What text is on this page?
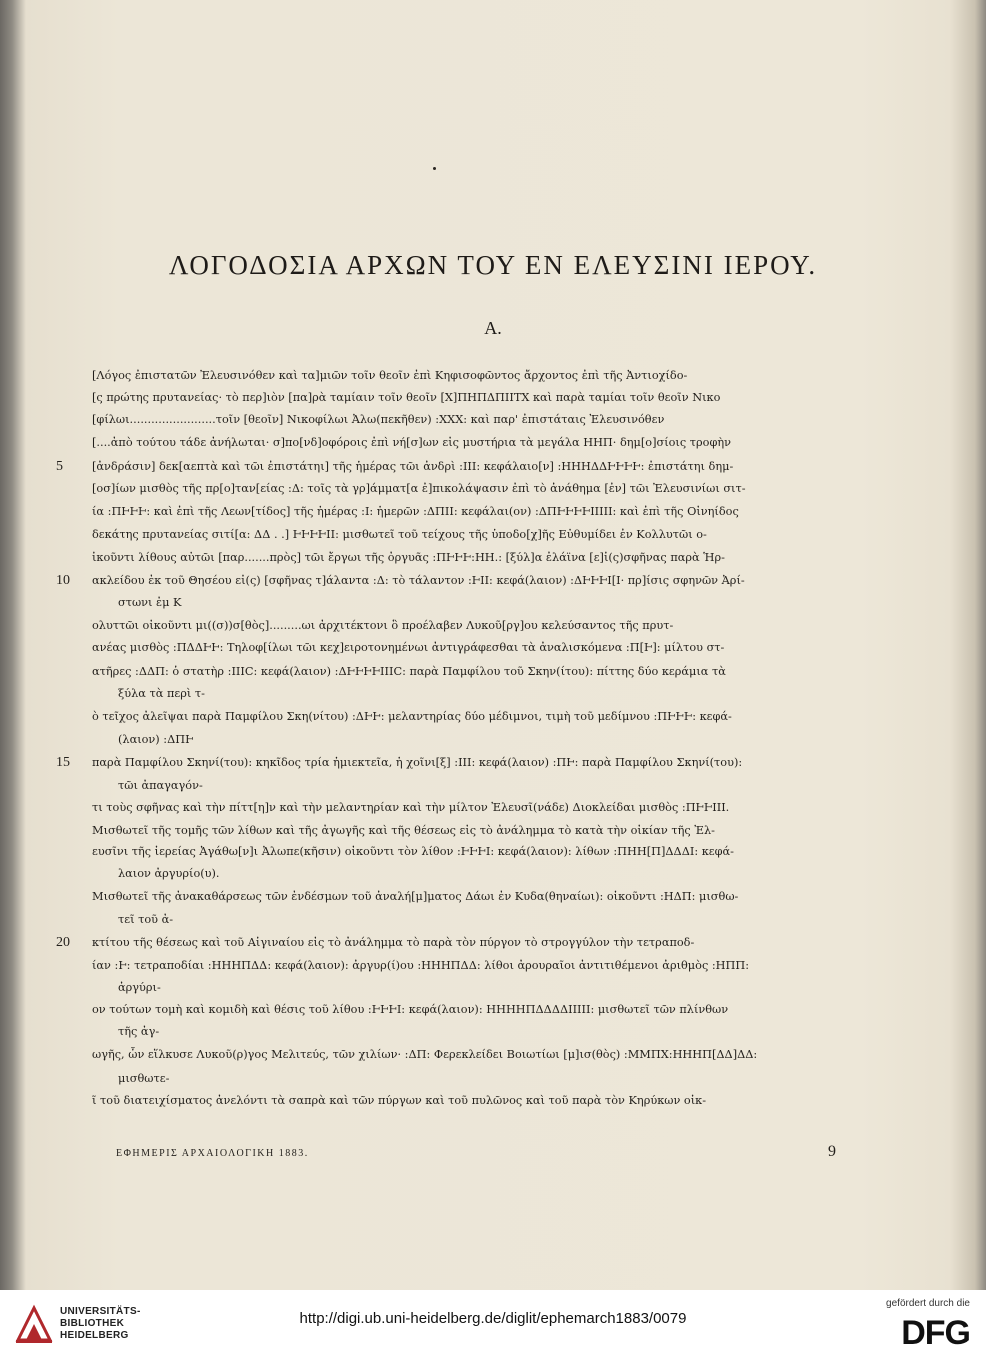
ΛΟΓΟΔΟΣΙΑ ΑΡΧΩΝ ΤΟΥ ΕΝ ΕΛΕΥΣΙΝΙ ΙΕΡΟΥ.
Α.
[Λόγος ἐπιστατῶν Ἐλευσινόθεν καὶ τα]μιῶν τοῖν θεοῖν ἐπὶ Κηφισοφῶντος ἄρχοντος ἐπὶ τῆς Ἀντιοχίδο-
[ς πρώτης πρυτανείας· τὸ περ]ιὸν [πα]ρὰ ταμίαιν τοῖν θεοῖν [Χ]ΠΗΠΔΠΙΙΤΧ καὶ παρὰ ταμίαι τοῖν θεοῖν Νικο
[φίλωι........................τοῖν [θεοῖν] Νικοφίλωι Ἀλω(πεκῆθεν) :ΧΧΧ: καὶ παρ' ἐπιστάταις Ἐλευσινόθεν
[....ἀπὸ τούτου τάδε ἀνήλωται· σ]πο[νδ]οφόροις ἐπὶ νή[σ]ων εἰς μυστήρια τὰ μεγάλα ΗΗΠ· δημ[ο]σίοις τροφὴν
[ἀνδράσιν] δεκ[αεπτὰ καὶ τῶι ἐπιστάτηι] τῆς ἡμέρας τῶι ἀνδρὶ :ΙΙΙ: κεφάλαιο[ν] :ΗΗΗΔΔͰͰͰͰ: ἐπιστάτηι δημ-
5
[οσ]ίων μισθὸς τῆς πρ[ο]ταν[είας :Δ: τοῖς τὰ γρ]άμματ[α ἐ]πικολάψασιν ἐπὶ τὸ ἀνάθημα [ἐν] τῶι Ἐλευσινίωι σιτ-
ία :ΠͰͰͰ: καὶ ἐπὶ τῆς Λεων[τίδος] τῆς ἡμέρας :Ι: ἡμερῶν :ΔΠΙΙ: κεφάλαι(ον) :ΔΠͰͰͰͰΙΙΙΙΙ: καὶ ἐπὶ τῆς Οἰνηίδος
δεκάτης πρυτανείας σιτί[α: ΔΔ . .] ͰͰͰͰΙΙ: μισθωτεῖ τοῦ τείχους τῆς ὑποδο[χ]ῆς Εὐθυμίδει ἐν Κολλυτῶι ο-
ἰκοῦντι λίθους αὐτῶι [παρ.......πρὸς] τῶι ἔργωι τῆς ὀργυᾶς :ΠͰͰͰ:ΗΗ.: [ξύλ]α ἐλάϊνα [ε]ἰ(ς)σφῆνας παρὰ Ἡρ-
ακλείδου ἐκ τοῦ Θησέου εἰ(ς) [σφῆνας τ]άλαντα :Δ: τὸ τάλαντον :ͰΙΙ: κεφά(λαιον) :ΔͰͰͰΙ[Ι· πρ]ίσις σφηνῶν Ἀρί-
10
στωνι ἐμ Κ
ολυττῶι οἰκοῦντι μι((σ))σ[θὸς].........ωι ἀρχιτέκτονι ὃ προέλαβεν Λυκοῦ[ργ]ου κελεύσαντος τῆς πρυτ-
ανέας μισθὸς :ΠΔΔͰͰ: Τηλοφ[ίλωι τῶι κεχ]ειροτονημένωι ἀντιγράφεσθαι τὰ ἀναλισκόμενα :Π[Ͱ]: μίλτου στ-
ατῆρες :ΔΔΠ: ὁ στατὴρ :ΙΙΙC: κεφά(λαιον) :ΔͰͰͰͰΙΙΙC: παρὰ Παμφίλου τοῦ Σκην(ίτου): πίττης δύο κεράμια τὰ
ξύλα τὰ περὶ τ-
ὸ τεῖχος ἀλεῖψαι παρὰ Παμφίλου Σκη(νίτου) :ΔͰͰ: μελαντηρίας δύο μέδιμνοι, τιμὴ τοῦ μεδίμνου :ΠͰͰͰ: κεφά-
(λαιον) :ΔΠͰ
παρὰ Παμφίλου Σκηνί(του): κηκῖδος τρία ἡμιεκτεῖα, ἡ χοῖνι[ξ] :ΙΙΙ: κεφά(λαιον) :ΠͰ: παρὰ Παμφίλου Σκηνί(του):
15
τῶι ἀπαγαγόν-
τι τοὺς σφῆνας καὶ τὴν πίττ[η]ν καὶ τὴν μελαντηρίαν καὶ τὴν μίλτον Ἐλευσῖ(νάδε) Διοκλείδαι μισθὸς :ΠͰͰΙΙΙ.
Μισθωτεῖ τῆς τομῆς τῶν λίθων καὶ τῆς ἀγωγῆς καὶ τῆς θέσεως εἰς τὸ ἀνάλημμα τὸ κατὰ τὴν οἰκίαν τῆς Ἐλ-
ευσῖνι τῆς ἱερείας Ἀγάθω[ν]ι Ἀλωπε(κῆσιν) οἰκοῦντι τὸν λίθον :ͰͰͰΙ: κεφά(λαιον): λίθων :ΠΗΗ[Π]ΔΔΔΙ: κεφά-
λαιον ἀργυρίο(υ).
Μισθωτεῖ τῆς ἀνακαθάρσεως τῶν ἐνδέσμων τοῦ ἀναλή[μ]ματος Δάωι ἐν Κυδα(θηναίωι): οἰκοῦντι :ΗΔΠ: μισθω-
τεῖ τοῦ ἀ-
κτίτου τῆς θέσεως καὶ τοῦ Αἰγιναίου εἰς τὸ ἀνάλημμα τὸ παρὰ τὸν πύργον τὸ στρογγύλον τὴν τετραποδ-
20
ίαν :Ͱ: τετραποδίαι :ΗΗΗΠΔΔ: κεφά(λαιον): ἀργυρ(ί)ου :ΗΗΗΠΔΔ: λίθοι ἀρουραῖοι ἀντιτιθέμενοι ἀριθμὸς :ΗΠΠ:
ἀργύρι-
ον τούτων τομὴ καὶ κομιδὴ καὶ θέσις τοῦ λίθου :ͰͰͰΙ: κεφά(λαιον): ΗΗΗΗΠΔΔΔΔΙΙΙΙΙ: μισθωτεῖ τῶν πλίνθων
τῆς ἀγ-
ωγῆς, ὧν εἵλκυσε Λυκοῦ(ρ)γος Μελιτεύς, τῶν χιλίων· :ΔΠ: Φερεκλείδει Βοιωτίωι [μ]ισ(θὸς) :ΜΜΠΧ:ΗΗΗΠ[ΔΔ]ΔΔ:
μισθωτε-
ῖ τοῦ διατειχίσματος ἀνελόντι τὰ σαπρὰ καὶ τῶν πύργων καὶ τοῦ πυλῶνος καὶ τοῦ παρὰ τὸν Κηρύκων οἰκ-
ΕΦΗΜΕΡΙΣ ΑΡΧΑΙΟΛΟΓΙΚΗ 1883.	9
UNIVERSITÄTS-
BIBLIOTHEK
HEIDELBERG
http://digi.ub.uni-heidelberg.de/diglit/ephemarch1883/0079
gefördert durch die
DFG
